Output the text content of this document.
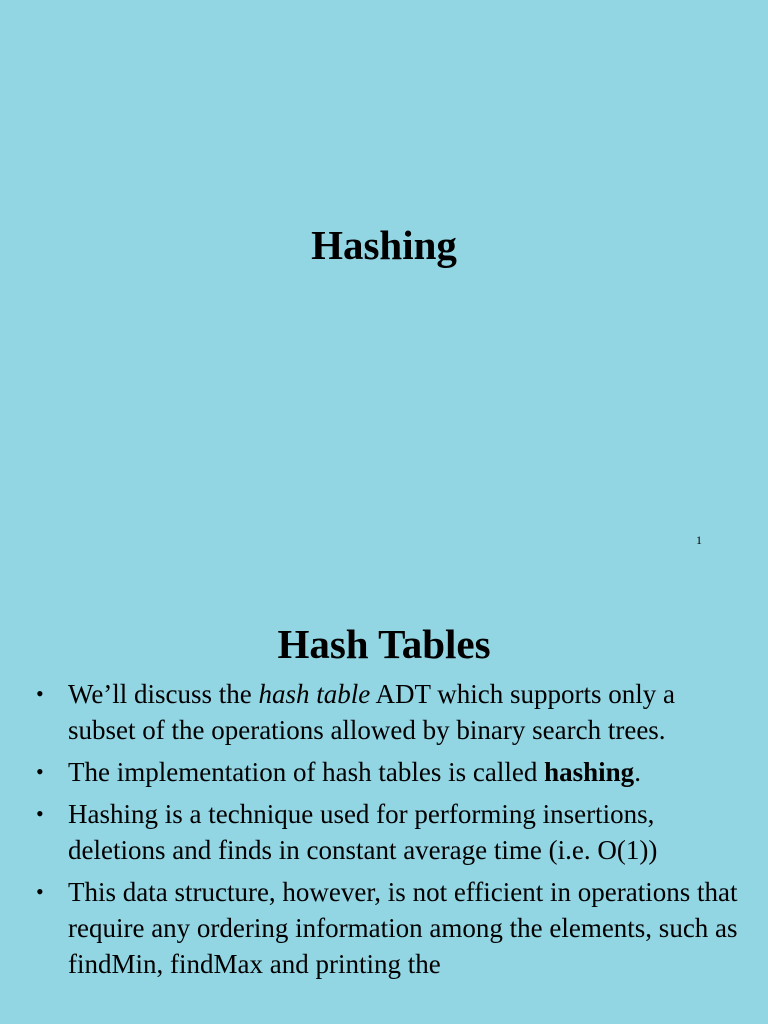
Hashing
1
Hash Tables
• We’ll discuss the hash table ADT which supports only a subset of the operations allowed by binary search trees.
• The implementation of hash tables is called hashing.
• Hashing is a technique used for performing insertions, deletions and finds in constant average time (i.e. O(1))
• This data structure, however, is not efficient in operations that require any ordering information among the elements, such as findMin, findMax and printing the
